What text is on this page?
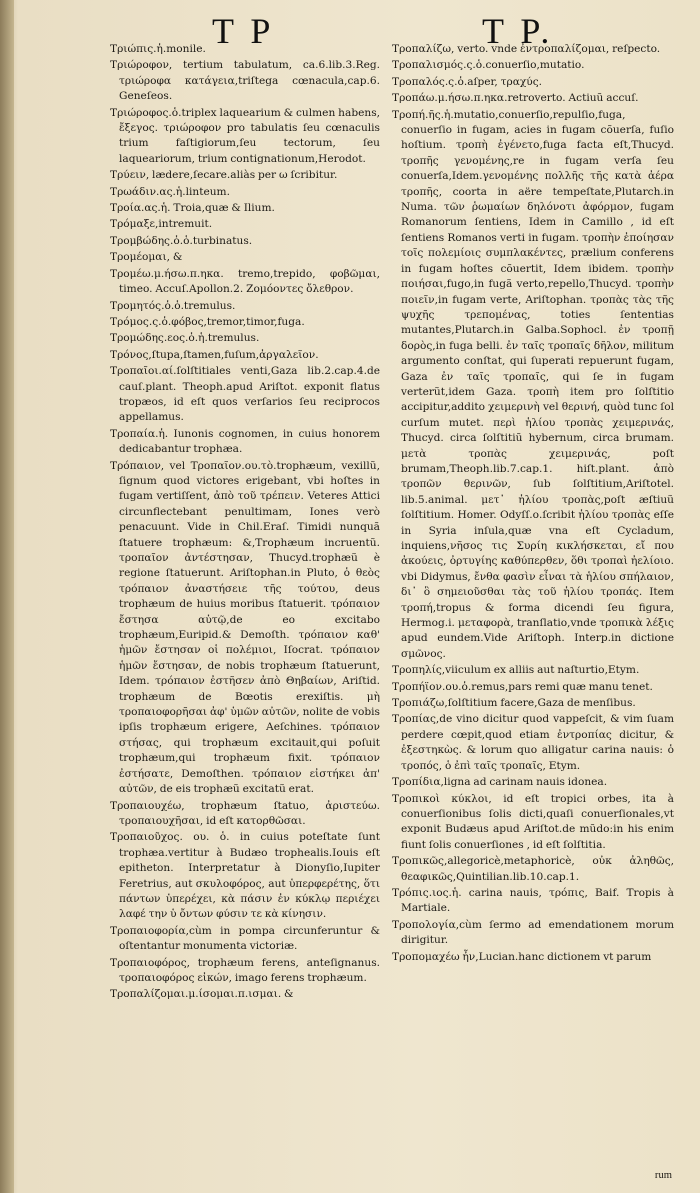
T P	T P.

Τριώπις.ἡ.monile.

Τριώροφον, tertium tabulatum, ca.6.lib.3.Reg. τριώροφα κατάγεια,triſtega cœnacula,cap.6. Geneſeos.

Τριώροφος.ὁ.triplex laquearium & culmen habens, ἔξεγος. τριώροφον pro tabulatis ſeu cœnaculis trium faſtigiorum,ſeu tectorum, ſeu laqueariorum, trium contignationum,Herodot.

Τρύειν, lædere,ſecare.aliàs per ω ſcribitur.

Τρωάδιν.ας.ἡ.linteum.

Τροία.ας.ἡ. Troia,quæ & Ilium.

Τρόμαξε,intremuit.

Τρομβώδης.ὁ.ὁ.turbinatus.

Τρομέομαι, &

Τρομέω.μ.ήσω.π.ηκα. tremo,trepido, φοβῶμαι, timeo. Accuſ.Apollon.2. Ζομόοντες ὄλεθρον.

Τρομητός.ὁ.ὁ.tremulus.

Τρόμος.ς.ὁ.φόβος,tremor,timor,fuga.

Τρομώδης.εος.ὁ.ἡ.tremulus.

Τρόνος,ſtupa,ſtamen,fuſum,ἀργαλεῖον.

Τροπαῖοι.αί.ſolſtitiales venti,Gaza lib.2.cap.4.de cauſ.plant. Theoph.apud Ariſtot. exponit flatus tropæos, id eſt quos verſarios ſeu reciprocos appellamus.

Τροπαία.ἡ. Iunonis cognomen, in cuius honorem dedicabantur trophæa.

Τρόπαιον, vel Τροπαῖον.ου.τὸ.trophæum, vexillũ, ſignum quod victores erigebant, vbi hoſtes in fugam vertiſſent, ἀπὸ τοῦ τρέπειν. Veteres Attici circunflectebant penultimam, Iones verò penacuunt. Vide in Chil.Eraſ. Timidi nunquã ſtatuere trophæum: &,Trophæum incruentũ. τροπαῖον ἀντέστησαν, Thucyd.trophæũ è regione ſtatuerunt. Ariſtophan.in Pluto, ὁ θεὸς τρόπαιον ἀναστήσειε τῆς τούτου, deus trophæum de huius moribus ſtatuerit. τρόπαιον ἔστησα αὐτῷ,de eo excitabo trophæum,Euripid.& Demoſth. τρόπαιον καθ' ἡμῶν ἔστησαν οἱ πολέμιοι, Iſocrat. τρόπαιον ἡμῶν ἔστησαν, de nobis trophæum ſtatuerunt, Idem. τρόπαιον ἐστῆσεν ἀπὸ Θηβαίων, Ariſtid. trophæum de Bœotis erexiſtis. μὴ τροπαιοφορῆσαι ἀφ' ὑμῶν αὐτῶν, nolite de vobis ipſis trophæum erigere, Aeſchines. τρόπαιον στήσας, qui trophæum excitauit,qui poſuit trophæum,qui trophæum fixit. τρόπαιον ἐστήσατε, Demoſthen. τρόπαιον εἰστήκει ἀπ' αὐτῶν, de eis trophæũ excitatũ erat.

Τροπαιουχέω, trophæum ſtatuo, ἀριστεύω. τροπαιουχῆσαι, id eſt κατορθῶσαι.

Τροπαιοῦχος. ου. ὁ. in cuius poteſtate ſunt trophæa.vertitur à Budæo trophealis.Iouis eſt epitheton. Interpretatur à Dionyſio,Iupiter Feretrius, aut σκυλοφόρος, aut ὑπερφερέτης, ὅτι πάντων ὑπερέχει, κὰ πάσιν ἐν κύκλῳ περιέχει λαφέ την ὑ ὄντων φύσιν τε κὰ κίνησιν.

Τροπαιοφορία,cùm in pompa circunferuntur & oſtentantur monumenta victoriæ.

Τροπαιοφόρος, trophæum ferens, anteſignanus. τροπαιοφόρος εἰκών, imago ferens trophæum.

Τροπαλίζομαι.μ.ίσομαι.π.ισμαι. &

Τροπαλίζω, verto. vnde ἐντροπαλίζομαι, reſpecto.

Τροπαλισμός.ς.ὁ.conuerſio,mutatio.

Τροπαλός.ς.ὁ.aſper, τραχύς.

Τροπάω.μ.ήσω.π.ηκα.retroverto. Actiuũ accuſ.

Τροπή.ῆς.ἡ.mutatio,conuerſio,repulſio,fuga, conuerſio in fugam, acies in fugam cõuerſa, fuſio hoſtium. τροπὴ ἐγένετο,fuga facta eſt,Thucyd. τροπῆς γενομένης,re in fugam verſa ſeu conuerſa,Idem.γενομένης πολλῆς τῆς κατὰ ἀέρα τροπῆς, coorta in aëre tempeſtate,Plutarch.in Numa. τῶν ῥωμαίων δηλόνοτι ἀφόρμον, fugam Romanorum ſentiens, Idem in Camillo , id eſt ſentiens Romanos verti in fugam. τροπὴν ἐποίησαν τοῖς πολεμίοις συμπλακέντες, prælium conferens in fugam hoſtes cõuertit, Idem ibidem. τροπὴν ποιήσαι,fugo,in fugã verto,repello,Thucyd. τροπὴν ποιεῖν,in fugam verte, Ariſtophan. τροπὰς τὰς τῆς ψυχῆς τρεπομένας, toties ſententias mutantes,Plutarch.in Galba.Sophocl. ἐν τροπῇ δορὸς,in fuga belli. ἐν ταῖς τροπαῖς δῆλον, militum argumento conſtat, qui ſuperati repuerunt fugam, Gaza ἐν ταῖς τροπαῖς, qui ſe in fugam verterũt,idem Gaza. τροπὴ item pro ſolſtitio accipitur,addito χειμερινὴ vel θερινή, quòd tunc ſol curſum mutet. περὶ ἡλίου τροπὰς χειμερινάς, Thucyd. circa ſolſtitiũ hybernum, circa brumam. μετὰ τροπὰς χειμερινάς, poſt brumam,Theoph.lib.7.cap.1. hiſt.plant. ἀπὸ τροπῶν θερινῶν, ſub ſolſtitium,Ariſtotel. lib.5.animal. μετ᾽ ἡλίου τροπὰς,poſt æſtiuũ ſolſtitium. Homer. Odyſſ.ο.ſcribit ἡλίου τροπὰς eſſe in Syria inſula,quæ vna eſt Cycladum, inquiens,νῆσος τις Συρίη κικλήσκεται, εἴ που ἀκούεις, ὀρτυγίης καθύπερθεν, ὅθι τροπαὶ ἠελίοιο. vbi Didymus, ἔνθα φασὶν εἶναι τὰ ἡλίου σπήλαιον, δι᾽ ὃ σημειοῦσθαι τὰς τοῦ ἡλίου τροπάς. Item τροπή,tropus & forma dicendi ſeu figura, Hermog.i. μεταφορὰ, tranſlatio,vnde τροπικὰ λέξις apud eundem.Vide Ariſtoph. Interp.in dictione σμῶνος.

Τροπηλίς,viiculum ex alliis aut naſturtio,Etym.

Τροπήϊον.ου.ὁ.remus,pars remi quæ manu tenet.

Τροπιάζω,ſolſtitium facere,Gaza de menſibus.

Τροπίας,de vino dicitur quod vappeſcit, & vim ſuam perdere cœpit,quod etiam ἐντροπίας dicitur, & ἐξεστηκὼς. & lorum quo alligatur carina nauis: ὁ τροπός, ὁ ἐπὶ ταῖς τροπαῖς, Etym.

Τροπίδια,ligna ad carinam nauis idonea.

Τροπικοὶ κύκλοι, id eſt tropici orbes, ita à conuerſionibus ſolis dicti,quaſi conuerſionales,vt exponit Budæus apud Ariſtot.de mũdo:in his enim fiunt ſolis conuerſiones , id eſt ſolſtitia.

Τροπικῶς,allegoricè,metaphoricè, οὐκ ἀληθῶς, θεαφικῶς,Quintilian.lib.10.cap.1.

Τρόπις.ιος.ἡ. carina nauis, τρόπις, Baif. Tropis à Martiale.

Τροπολογία,cùm ſermo ad emendationem morum dirigitur.

Τροπομαχέω ἦν,Lucian.hanc dictionem vt parum

rum
